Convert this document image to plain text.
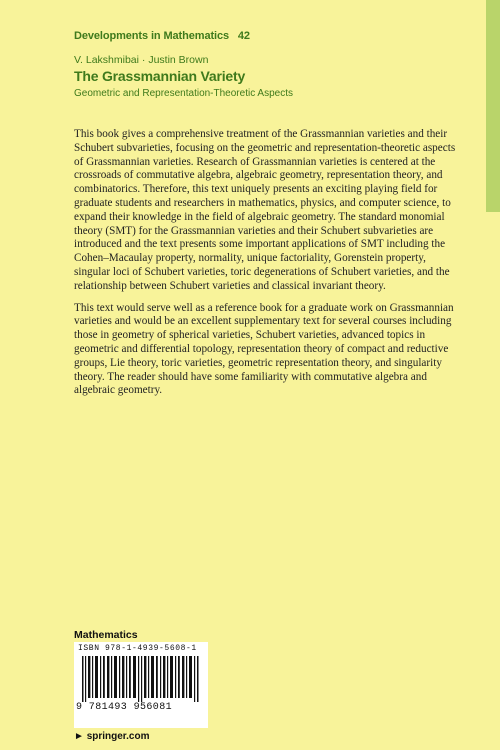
Developments in Mathematics   42
V. Lakshmibai · Justin Brown
The Grassmannian Variety
Geometric and Representation-Theoretic Aspects

This book gives a comprehensive treatment of the Grassmannian varieties and their Schubert subvarieties, focusing on the geometric and representation-theoretic aspects of Grassmannian varieties. Research of Grassmannian varieties is centered at the crossroads of commutative algebra, algebraic geometry, representation theory, and combinatorics. Therefore, this text uniquely presents an exciting playing field for graduate students and researchers in mathematics, physics, and computer science, to expand their knowledge in the field of algebraic geometry. The standard monomial theory (SMT) for the Grassmannian varieties and their Schubert subvarieties are introduced and the text presents some important applications of SMT including the Cohen–Macaulay property, normality, unique factoriality, Gorenstein property, singular loci of Schubert varieties, toric degenerations of Schubert varieties, and the relationship between Schubert varieties and classical invariant theory.

This text would serve well as a reference book for a graduate work on Grassmannian varieties and would be an excellent supplementary text for several courses including those in geometry of spherical varieties, Schubert varieties, advanced topics in geometric and differential topology, representation theory of compact and reductive groups, Lie theory, toric varieties, geometric representation theory, and singularity theory. The reader should have some familiarity with commutative algebra and algebraic geometry.

Mathematics
ISBN 978-1-4939-5608-1
9 781493 956081
► springer.com
